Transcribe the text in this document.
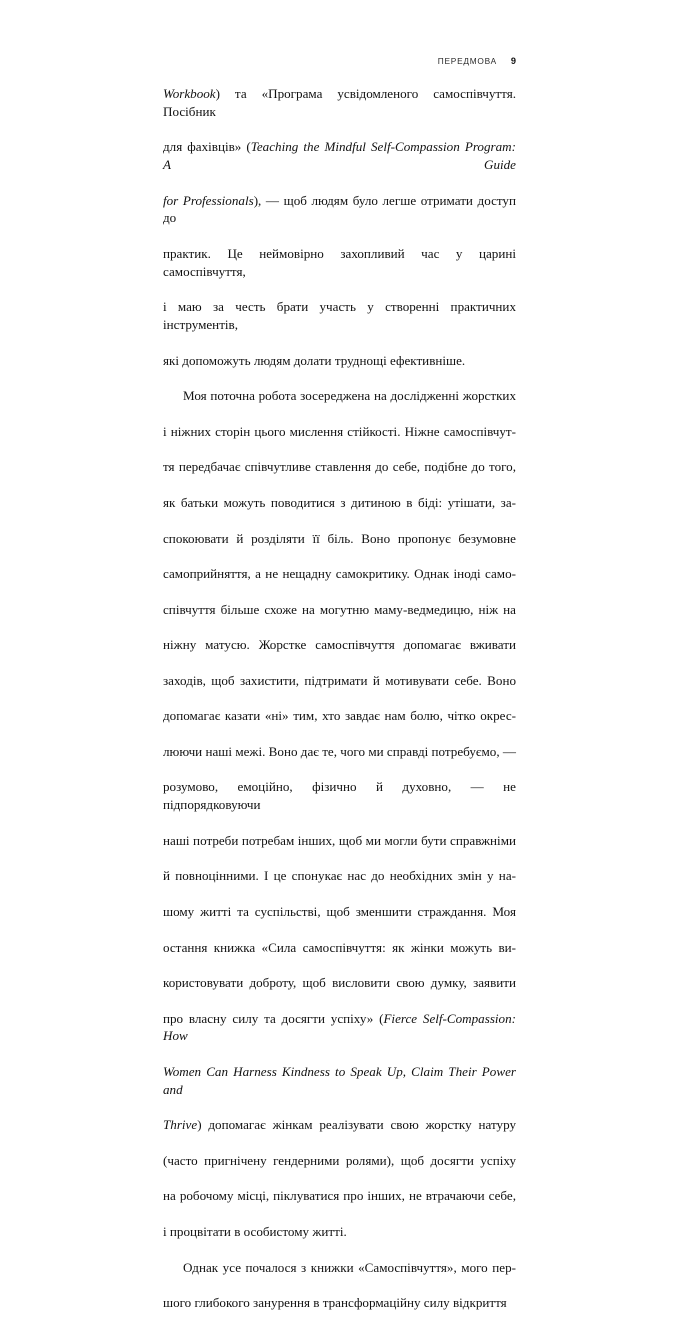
ПЕРЕДМОВА 9

Workbook) та «Програма усвідомленого самоспівчуття. Посібник
для фахівців» (Teaching the Mindful Self-Compassion Program: A Guide
for Professionals), — щоб людям було легше отримати доступ до
практик. Це неймовірно захопливий час у царині самоспівчуття,
і маю за честь брати участь у створенні практичних інструментів,
які допоможуть людям долати труднощі ефективніше.

Моя поточна робота зосереджена на дослідженні жорстких
і ніжних сторін цього мислення стійкості. Ніжне самоспівчут-
тя передбачає співчутливе ставлення до себе, подібне до того,
як батьки можуть поводитися з дитиною в біді: утішати, за-
спокоювати й розділяти її біль. Воно пропонує безумовне
самоприйняття, а не нещадну самокритику. Однак іноді само-
співчуття більше схоже на могутню маму-ведмедицю, ніж на
ніжну матусю. Жорстке самоспівчуття допомагає вживати
заходів, щоб захистити, підтримати й мотивувати себе. Воно
допомагає казати «ні» тим, хто завдає нам болю, чітко окрес-
люючи наші межі. Воно дає те, чого ми справді потребуємо, —
розумово, емоційно, фізично й духовно, — не підпорядковуючи
наші потреби потребам інших, щоб ми могли бути справжніми
й повноцінними. І це спонукає нас до необхідних змін у на-
шому житті та суспільстві, щоб зменшити страждання. Моя
остання книжка «Сила самоспівчуття: як жінки можуть ви-
користовувати доброту, щоб висловити свою думку, заявити
про власну силу та досягти успіху» (Fierce Self-Compassion: How
Women Can Harness Kindness to Speak Up, Claim Their Power and
Thrive) допомагає жінкам реалізувати свою жорстку натуру
(часто пригнічену гендерними ролями), щоб досягти успіху
на робочому місці, піклуватися про інших, не втрачаючи себе,
і процвітати в особистому житті.

Однак усе почалося з книжки «Самоспівчуття», мого пер-
шого глибокого занурення в трансформаційну силу відкриття
